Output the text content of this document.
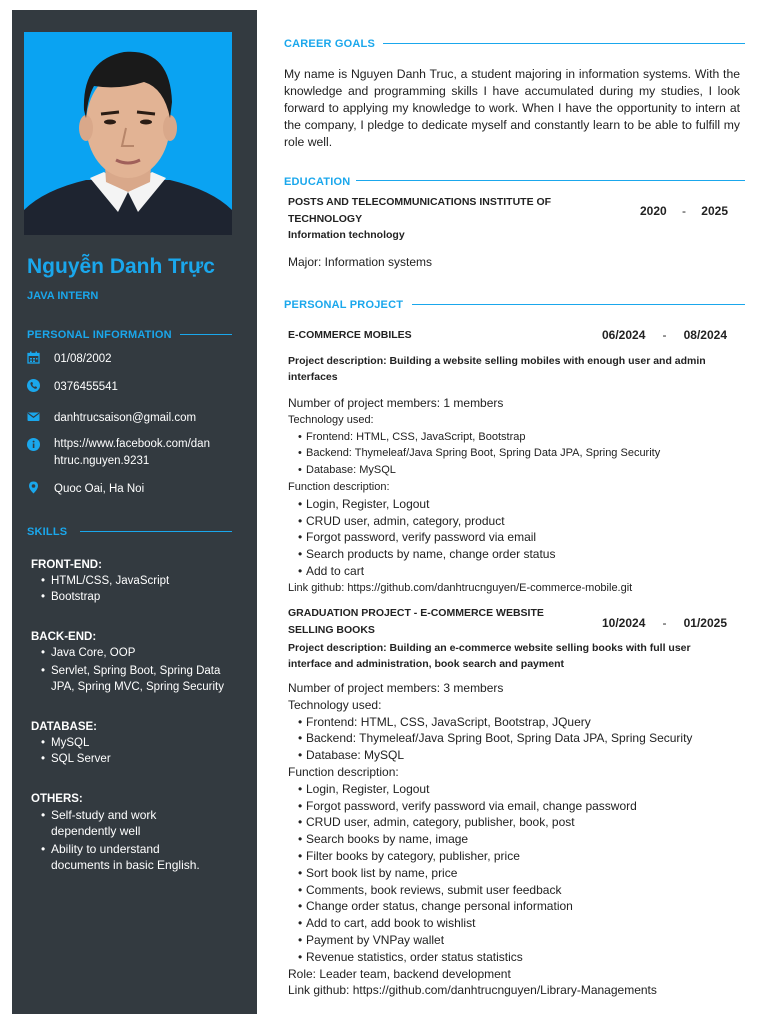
Nguyễn Danh Trực
JAVA INTERN
PERSONAL INFORMATION
01/08/2002
0376455541
danhtrucsaison@gmail.com
https://www.facebook.com/dan
htruc.nguyen.9231
Quoc Oai, Ha Noi
SKILLS
FRONT-END:
• HTML/CSS, JavaScript
• Bootstrap
BACK-END:
• Java Core, OOP
• Servlet, Spring Boot, Spring Data
JPA, Spring MVC, Spring Security
DATABASE:
• MySQL
• SQL Server
OTHERS:
• Self-study and work
dependently well
• Ability to understand
documents in basic English.
CAREER GOALS
My name is Nguyen Danh Truc, a student majoring in information systems. With the knowledge and programming skills I have accumulated during my studies, I look forward to applying my knowledge to work. When I have the opportunity to intern at the company, I pledge to dedicate myself and constantly learn to be able to fulfill my role well.
EDUCATION
POSTS AND TELECOMMUNICATIONS INSTITUTE OF
TECHNOLOGY
Information technology
Major: Information systems
2020 - 2025
PERSONAL PROJECT
E-COMMERCE MOBILES	06/2024 - 08/2024
Project description: Building a website selling mobiles with enough user and admin interfaces
Number of project members: 1 members
Technology used:
• Frontend: HTML, CSS, JavaScript, Bootstrap
• Backend: Thymeleaf/Java Spring Boot, Spring Data JPA, Spring Security
• Database: MySQL
Function description:
• Login, Register, Logout
• CRUD user, admin, category, product
• Forgot password, verify password via email
• Search products by name, change order status
• Add to cart
Link github: https://github.com/danhtrucnguyen/E-commerce-mobile.git
GRADUATION PROJECT - E-COMMERCE WEBSITE
SELLING BOOKS	10/2024 - 01/2025
Project description: Building an e-commerce website selling books with full user interface and administration, book search and payment
Number of project members: 3 members
Technology used:
• Frontend: HTML, CSS, JavaScript, Bootstrap, JQuery
• Backend: Thymeleaf/Java Spring Boot, Spring Data JPA, Spring Security
• Database: MySQL
Function description:
• Login, Register, Logout
• Forgot password, verify password via email, change password
• CRUD user, admin, category, publisher, book, post
• Search books by name, image
• Filter books by category, publisher, price
• Sort book list by name, price
• Comments, book reviews, submit user feedback
• Change order status, change personal information
• Add to cart, add book to wishlist
• Payment by VNPay wallet
• Revenue statistics, order status statistics
Role: Leader team, backend development
Link github: https://github.com/danhtrucnguyen/Library-Managements
